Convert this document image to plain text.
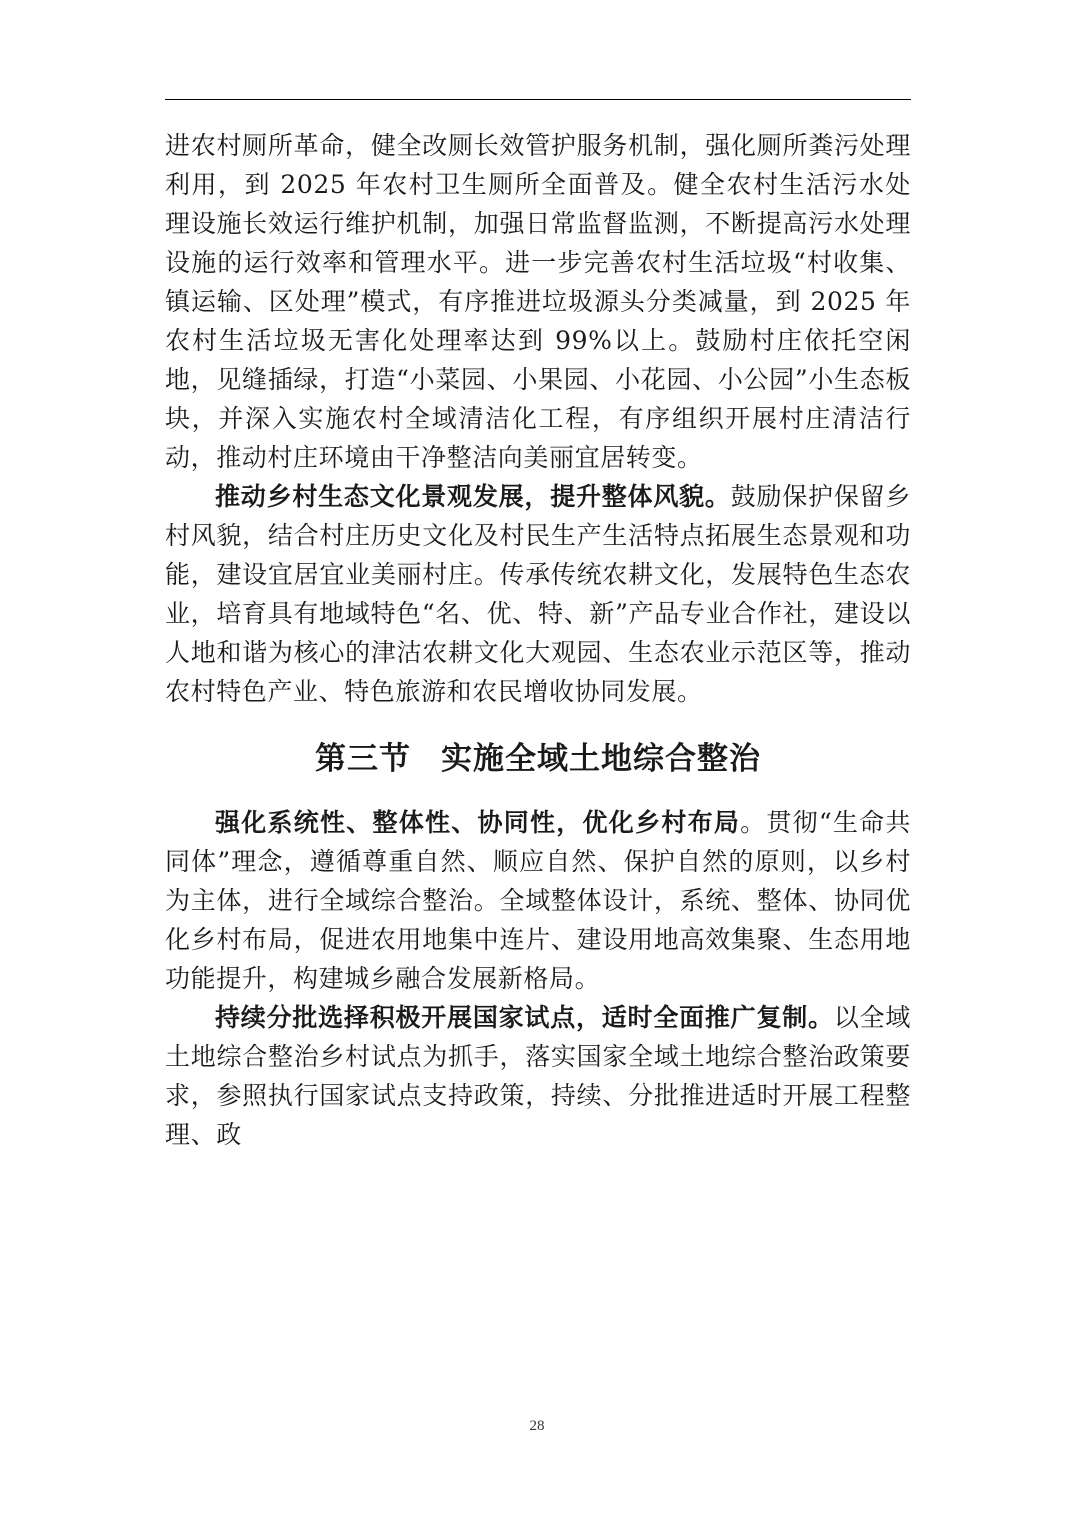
进农村厕所革命，健全改厕长效管护服务机制，强化厕所粪污处理利用，到 2025 年农村卫生厕所全面普及。健全农村生活污水处理设施长效运行维护机制，加强日常监督监测，不断提高污水处理设施的运行效率和管理水平。进一步完善农村生活垃圾“村收集、镇运输、区处理”模式，有序推进垃圾源头分类减量，到 2025 年农村生活垃圾无害化处理率达到 99%以上。鼓励村庄依托空闲地，见缝插绿，打造“小菜园、小果园、小花园、小公园”小生态板块，并深入实施农村全域清洁化工程，有序组织开展村庄清洁行动，推动村庄环境由干净整洁向美丽宜居转变。

推动乡村生态文化景观发展，提升整体风貌。鼓励保护保留乡村风貌，结合村庄历史文化及村民生产生活特点拓展生态景观和功能，建设宜居宜业美丽村庄。传承传统农耕文化，发展特色生态农业，培育具有地域特色“名、优、特、新”产品专业合作社，建设以人地和谐为核心的津沽农耕文化大观园、生态农业示范区等，推动农村特色产业、特色旅游和农民增收协同发展。

第三节 实施全域土地综合整治

强化系统性、整体性、协同性，优化乡村布局。贯彻“生命共同体”理念，遵循尊重自然、顺应自然、保护自然的原则，以乡村为主体，进行全域综合整治。全域整体设计，系统、整体、协同优化乡村布局，促进农用地集中连片、建设用地高效集聚、生态用地功能提升，构建城乡融合发展新格局。

持续分批选择积极开展国家试点，适时全面推广复制。以全域土地综合整治乡村试点为抓手，落实国家全域土地综合整治政策要求，参照执行国家试点支持政策，持续、分批推进适时开展工程整理、政

28
